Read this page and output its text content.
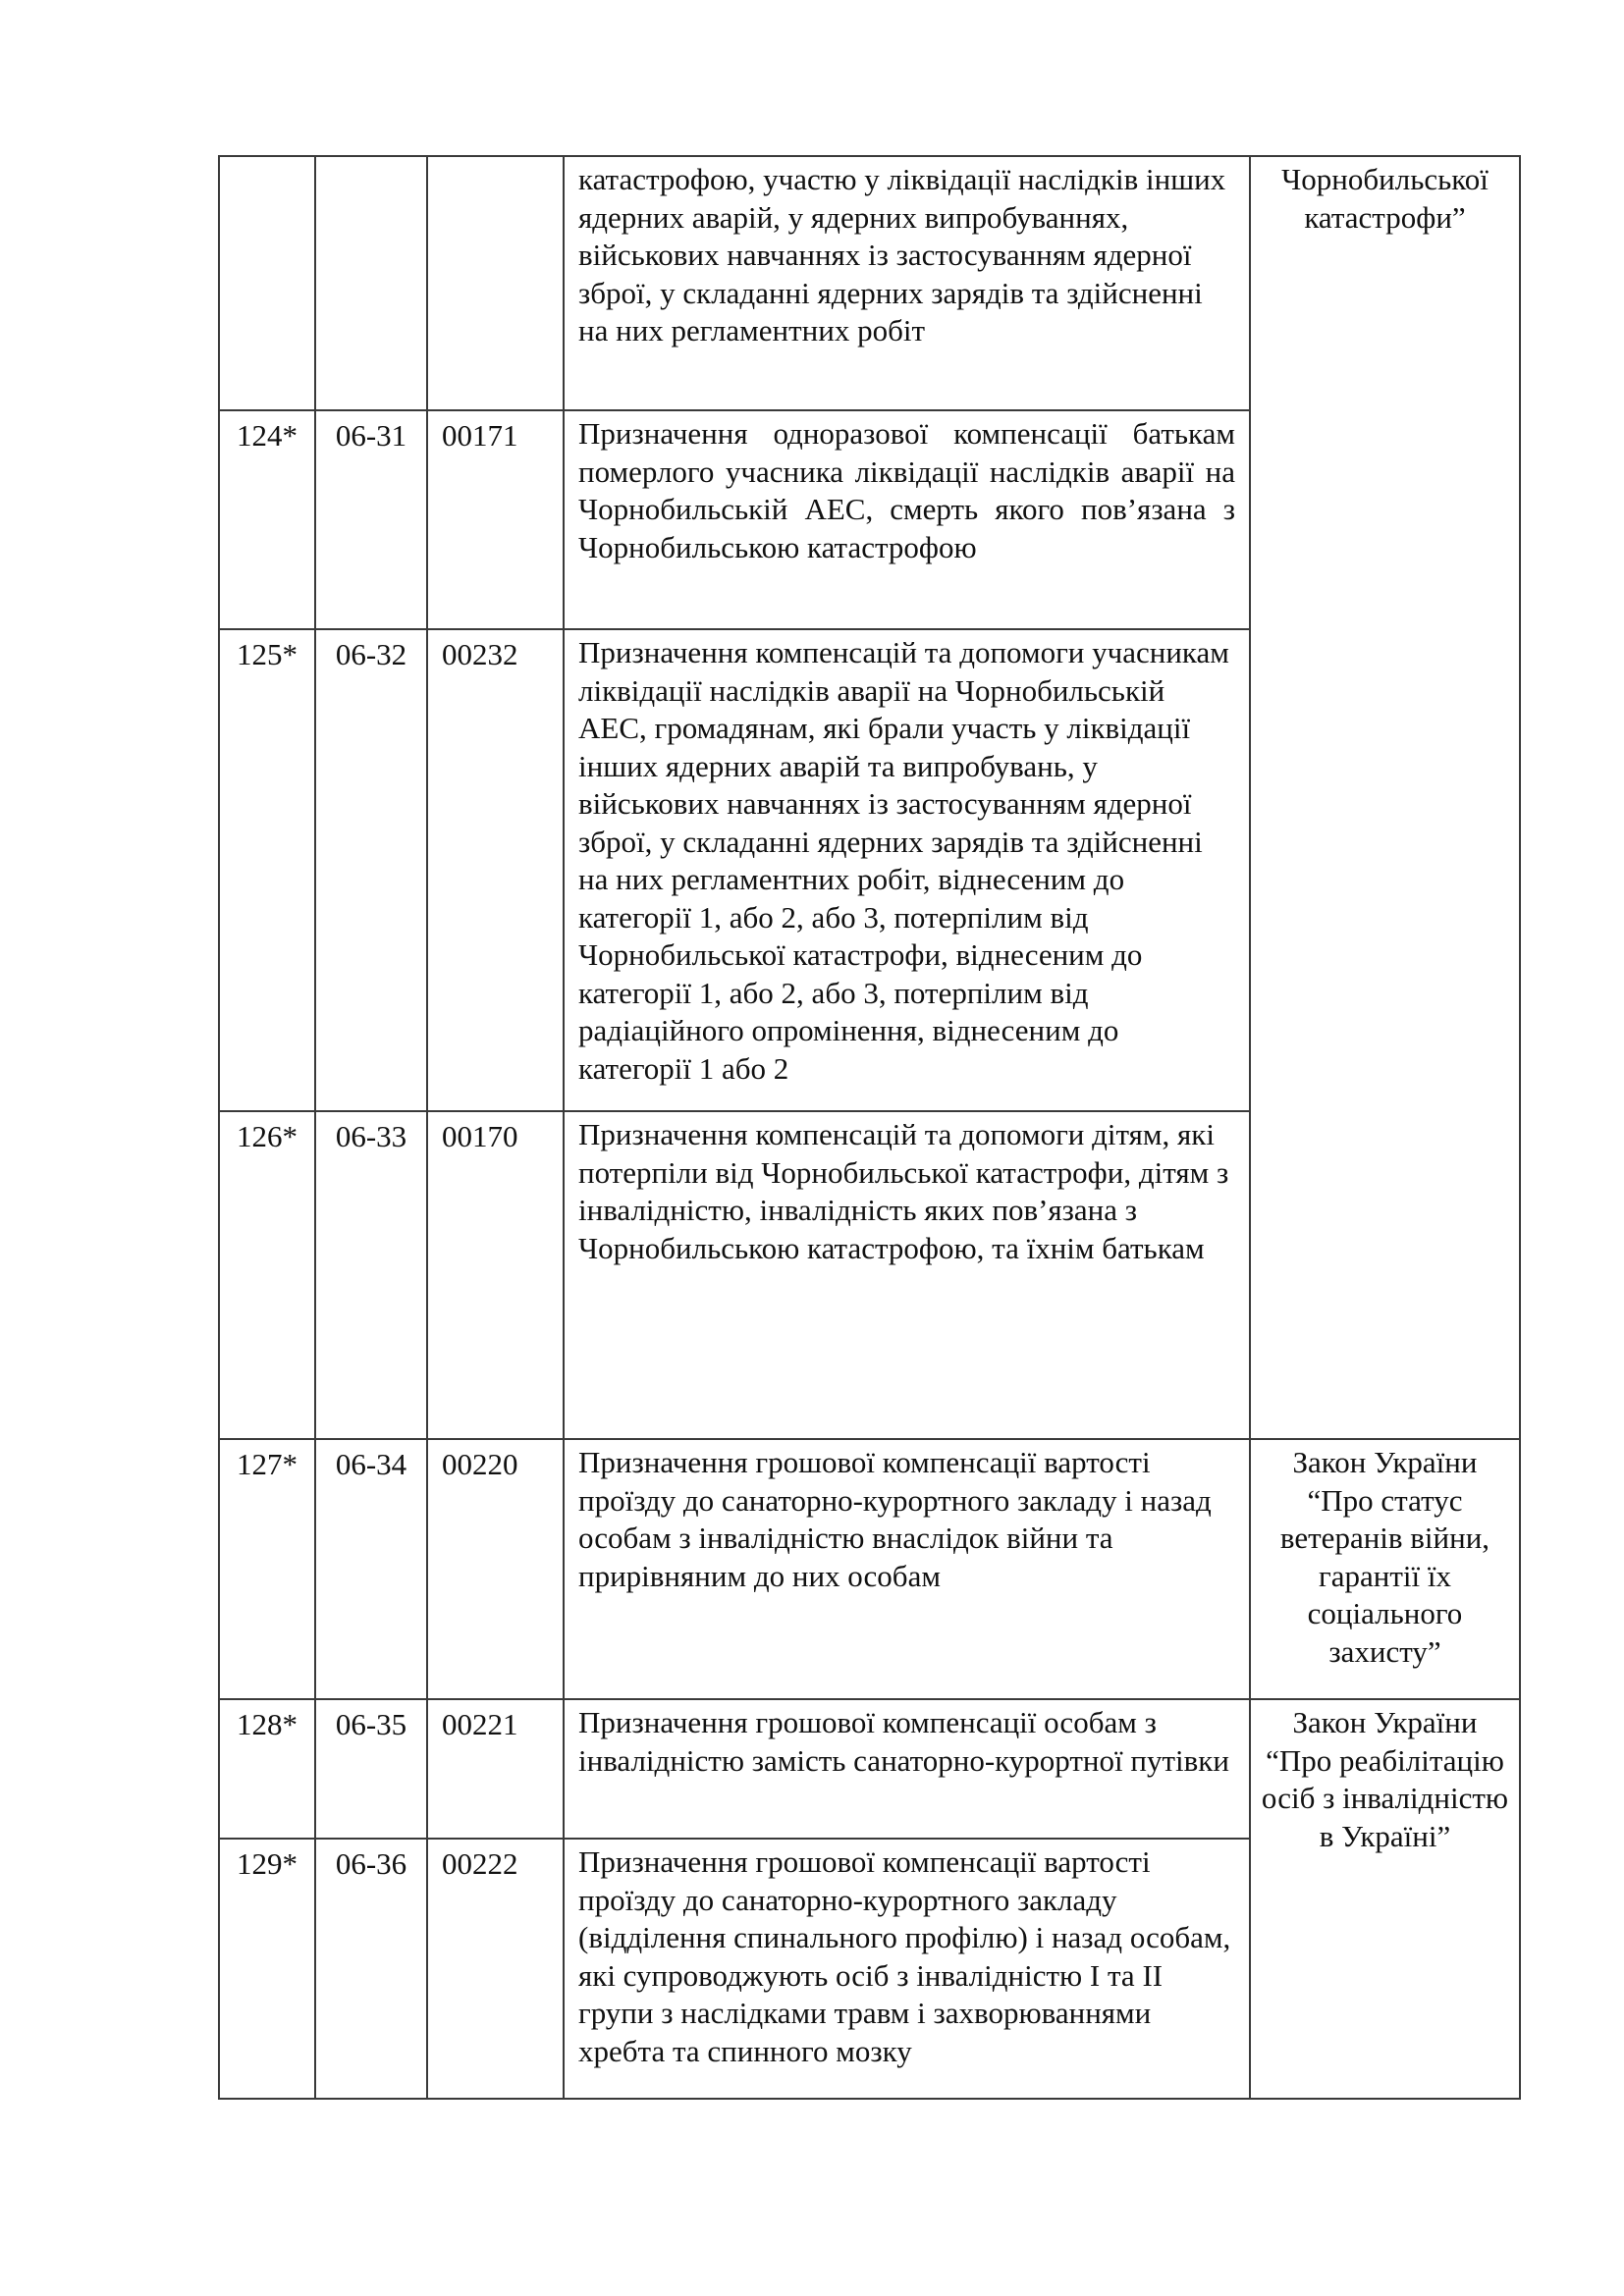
			катастрофою, участю у ліквідації наслідків інших ядерних аварій, у ядерних випробуваннях, військових навчаннях із застосуванням ядерної зброї, у складанні ядерних зарядів та здійсненні на них регламентних робіт	Чорнобильської катастрофи”
124*	06-31	00171	Призначення одноразової компенсації батькам померлого учасника ліквідації наслідків аварії на Чорнобильській АЕС, смерть якого пов’язана з Чорнобильською катастрофою	
125*	06-32	00232	Призначення компенсацій та допомоги учасникам ліквідації наслідків аварії на Чорнобильській АЕС, громадянам, які брали участь у ліквідації інших ядерних аварій та випробувань, у військових навчаннях із застосуванням ядерної зброї, у складанні ядерних зарядів та здійсненні на них регламентних робіт, віднесеним до категорії 1, або 2, або 3, потерпілим від Чорнобильської катастрофи, віднесеним до категорії 1, або 2, або 3, потерпілим від радіаційного опромінення, віднесеним до категорії 1 або 2	
126*	06-33	00170	Призначення компенсацій та допомоги дітям, які потерпіли від Чорнобильської катастрофи, дітям з інвалідністю, інвалідність яких пов’язана з Чорнобильською катастрофою, та їхнім батькам	
127*	06-34	00220	Призначення грошової компенсації вартості проїзду до санаторно-курортного закладу і назад особам з інвалідністю внаслідок війни та прирівняним до них особам	Закон України “Про статус ветеранів війни, гарантії їх соціального захисту”
128*	06-35	00221	Призначення грошової компенсації особам з інвалідністю замість санаторно-курортної путівки	Закон України “Про реабілітацію осіб з інвалідністю в Україні”
129*	06-36	00222	Призначення грошової компенсації вартості проїзду до санаторно-курортного закладу (відділення спинального профілю) і назад особам, які супроводжують осіб з інвалідністю I та II групи з наслідками травм і захворюваннями хребта та спинного мозку	
